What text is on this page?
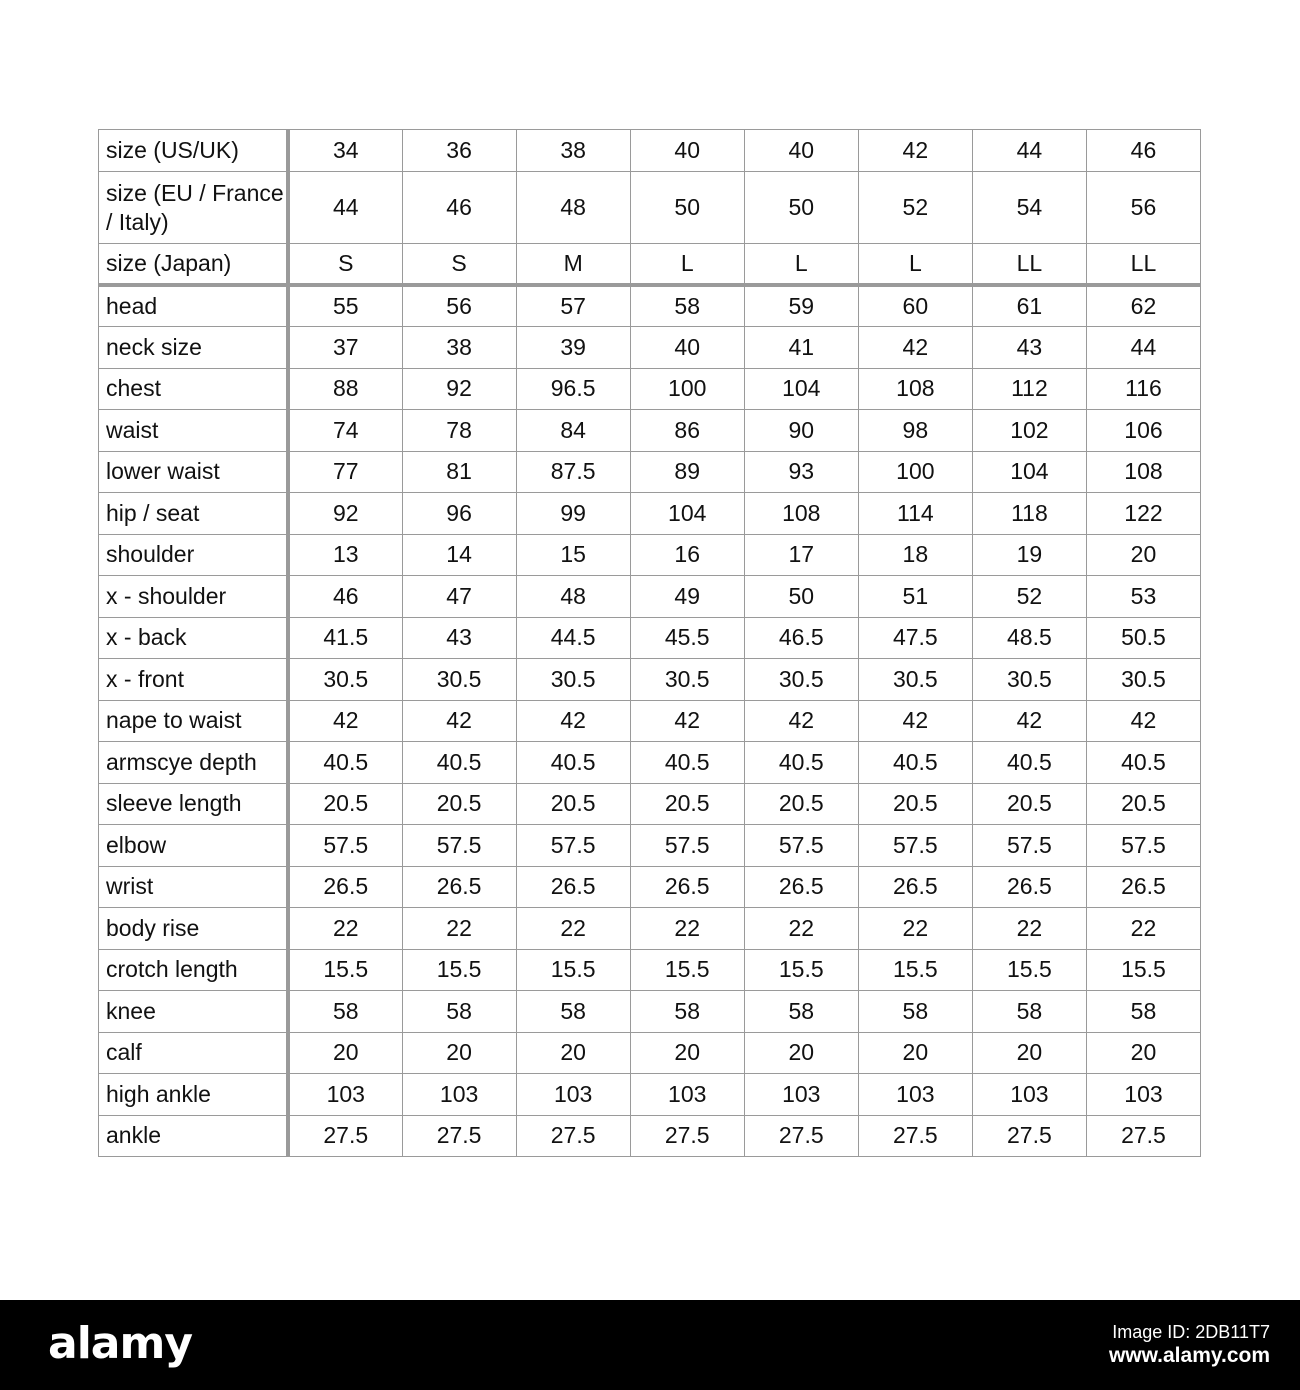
size (US/UK)	34	36	38	40	40	42	44	46
size (EU / France / Italy)	44	46	48	50	50	52	54	56
size (Japan)	S	S	M	L	L	L	LL	LL
head	55	56	57	58	59	60	61	62
neck size	37	38	39	40	41	42	43	44
chest	88	92	96.5	100	104	108	112	116
waist	74	78	84	86	90	98	102	106
lower waist	77	81	87.5	89	93	100	104	108
hip / seat	92	96	99	104	108	114	118	122
shoulder	13	14	15	16	17	18	19	20
x - shoulder	46	47	48	49	50	51	52	53
x - back	41.5	43	44.5	45.5	46.5	47.5	48.5	50.5
x - front	30.5	30.5	30.5	30.5	30.5	30.5	30.5	30.5
nape to waist	42	42	42	42	42	42	42	42
armscye depth	40.5	40.5	40.5	40.5	40.5	40.5	40.5	40.5
sleeve length	20.5	20.5	20.5	20.5	20.5	20.5	20.5	20.5
elbow	57.5	57.5	57.5	57.5	57.5	57.5	57.5	57.5
wrist	26.5	26.5	26.5	26.5	26.5	26.5	26.5	26.5
body rise	22	22	22	22	22	22	22	22
crotch length	15.5	15.5	15.5	15.5	15.5	15.5	15.5	15.5
knee	58	58	58	58	58	58	58	58
calf	20	20	20	20	20	20	20	20
high ankle	103	103	103	103	103	103	103	103
ankle	27.5	27.5	27.5	27.5	27.5	27.5	27.5	27.5
alamy	Image ID: 2DB11T7
www.alamy.com
